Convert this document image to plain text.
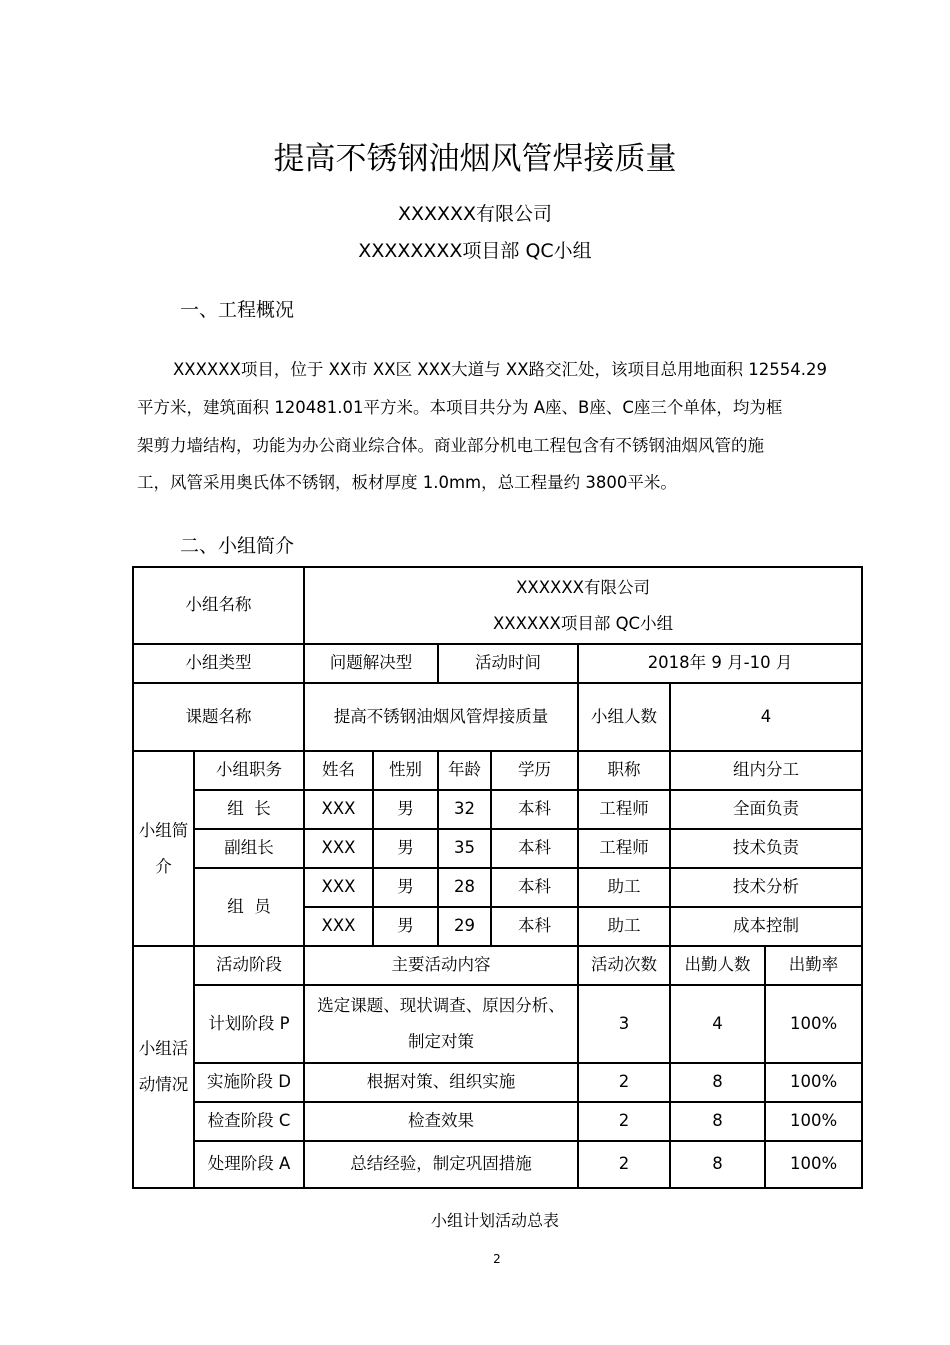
提高不锈钢油烟风管焊接质量
XXXXXX有限公司
XXXXXXXX项目部 QC小组
一、工程概况
XXXXXX项目，位于 XX市 XX区 XXX大道与 XX路交汇处，该项目总用地面积 12554.29
平方米，建筑面积 120481.01平方米。本项目共分为 A座、B座、C座三个单体，均为框
架剪力墙结构，功能为办公商业综合体。商业部分机电工程包含有不锈钢油烟风管的施
工，风管采用奥氏体不锈钢，板材厚度 1.0mm，总工程量约 3800平米。
二、小组简介
小组名称		XXXXXX有限公司
XXXXXX项目部 QC小组						

小组类型		问题解决型		活动时间		2018年 9 月-10 月		
课题名称		提高不锈钢油烟风管焊接质量				小组人数	4	

小组简
介	小组职务	姓名	性别	年龄	学历	职称	组内分工	
	组  长	XXX	男	32	本科	工程师	全面负责	
	副组长	XXX	男	35	本科	工程师	技术负责	
	组  员	XXX	男	28	本科	助工	技术分析	
		XXX	男	29	本科	助工	成本控制	

小组活
动情况	活动阶段	主要活动内容				活动次数	出勤人数	出勤率
	计划阶段 P	选定课题、现状调查、原因分析、
制定对策				3	4	100%
	实施阶段 D	根据对策、组织实施				2	8	100%
	检查阶段 C	检查效果				2	8	100%
	处理阶段 A	总结经验，制定巩固措施				2	8	100%
小组计划活动总表
2
